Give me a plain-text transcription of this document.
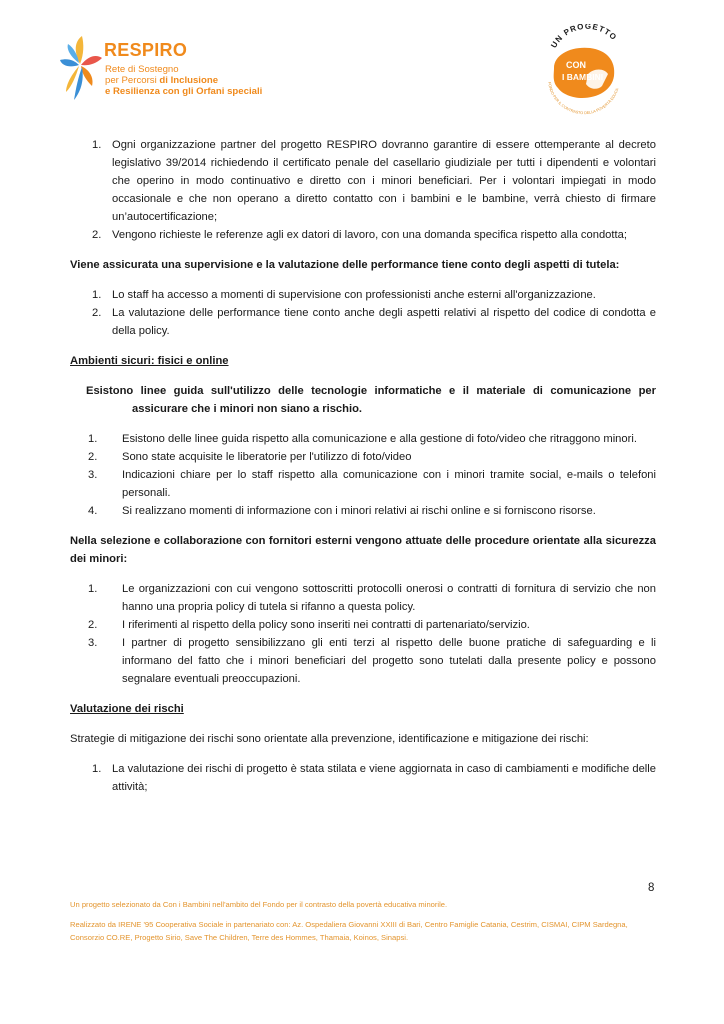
RESPIRO
Rete di Sostegno
per Percorsi di Inclusione
e Resilienza con gli Orfani speciali
UN PROGETTO
CON
I BAMBINI
FONDO PER IL CONTRASTO DELLA POVERTÀ EDUCA
1. Ogni organizzazione partner del progetto RESPIRO dovranno garantire di essere ottemperante al decreto legislativo 39/2014 richiedendo il certificato penale del casellario giudiziale per tutti i dipendenti e volontari che operino in modo continuativo e diretto con i minori beneficiari. Per i volontari impiegati in modo occasionale e che non operano a diretto contatto con i bambini e le bambine, verrà chiesto di firmare un’autocertificazione;
2. Vengono richieste le referenze agli ex datori di lavoro, con una domanda specifica rispetto alla condotta;

Viene assicurata una supervisione e la valutazione delle performance tiene conto degli aspetti di tutela:

1. Lo staff ha accesso a momenti di supervisione con professionisti anche esterni all'organizzazione.
2. La valutazione delle performance tiene conto anche degli aspetti relativi al rispetto del codice di condotta e della policy.

Ambienti sicuri: fisici e online

Esistono linee guida sull'utilizzo delle tecnologie informatiche e il materiale di comunicazione per assicurare che i minori non siano a rischio.

1. Esistono delle linee guida rispetto alla comunicazione e alla gestione di foto/video che ritraggono minori.
2. Sono state acquisite le liberatorie per l'utilizzo di foto/video
3. Indicazioni chiare per lo staff rispetto alla comunicazione con i minori tramite social, e-mails o telefoni personali.
4. Si realizzano momenti di informazione con i minori relativi ai rischi online e si forniscono risorse.

Nella selezione e collaborazione con fornitori esterni vengono attuate delle procedure orientate alla sicurezza dei minori:

1. Le organizzazioni con cui vengono sottoscritti protocolli onerosi o contratti di fornitura di servizio che non hanno una propria policy di tutela si rifanno a questa policy.
2. I riferimenti al rispetto della policy sono inseriti nei contratti di partenariato/servizio.
3. I partner di progetto sensibilizzano gli enti terzi al rispetto delle buone pratiche di safeguarding e li informano del fatto che i minori beneficiari del progetto sono tutelati dalla presente policy e possono segnalare eventuali preoccupazioni.

Valutazione dei rischi

Strategie di mitigazione dei rischi sono orientate alla prevenzione, identificazione e mitigazione dei rischi:

1. La valutazione dei rischi di progetto è stata stilata e viene aggiornata in caso di cambiamenti e modifiche delle attività;
8

Un progetto selezionato da Con i Bambini nell'ambito del Fondo per il contrasto della povertà educativa minorile.

Realizzato da IRENE '95 Cooperativa Sociale in partenariato con: Az. Ospedaliera Giovanni XXIII di Bari, Centro Famiglie Catania, Cestrim, CISMAI, CIPM Sardegna, Consorzio CO.RE, Progetto Sirio, Save The Children, Terre des Hommes, Thamaia, Koinos, Sinapsi.
